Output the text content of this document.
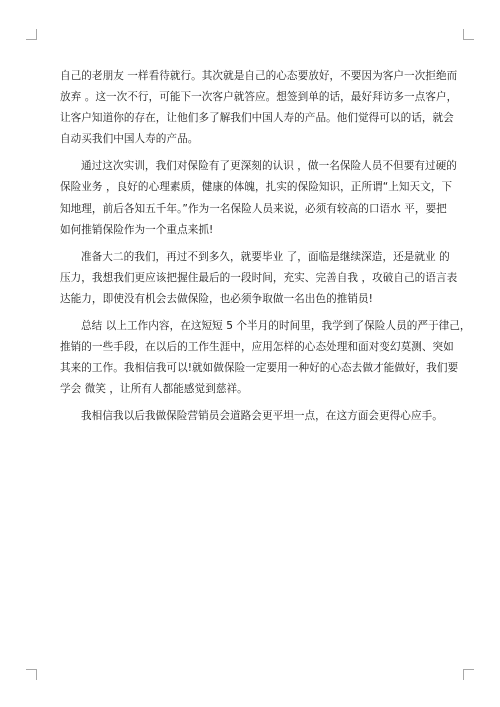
自己的老朋友 一样看待就行。其次就是自己的心态要放好，不要因为客户一次拒绝而
放弃 。这一次不行，可能下一次客户就答应。想签到单的话，最好拜访多一点客户，
让客户知道你的存在，让他们多了解我们中国人寿的产品。他们觉得可以的话，就会
自动买我们中国人寿的产品。
通过这次实训，我们对保险有了更深刻的认识 ，做一名保险人员不但要有过硬的
保险业务 ，良好的心理素质，健康的体魄，扎实的保险知识，正所谓“上知天文，下
知地理，前后各知五千年。”作为一名保险人员来说，必须有较高的口语水 平，要把
如何推销保险作为一个重点来抓!
准备大二的我们，再过不到多久，就要毕业 了，面临是继续深造，还是就业 的
压力，我想我们更应该把握住最后的一段时间，充实、完善自我 ，攻破自己的语言表
达能力，即使没有机会去做保险，也必须争取做一名出色的推销员!
总结 以上工作内容，在这短短 5 个半月的时间里，我学到了保险人员的严于律己，
推销的一些手段，在以后的工作生涯中，应用怎样的心态处理和面对变幻莫测、突如
其来的工作。我相信我可以!就如做保险一定要用一种好的心态去做才能做好，我们要
学会 微笑 ，让所有人都能感觉到慈祥。
我相信我以后我做保险营销员会道路会更平坦一点，在这方面会更得心应手。
